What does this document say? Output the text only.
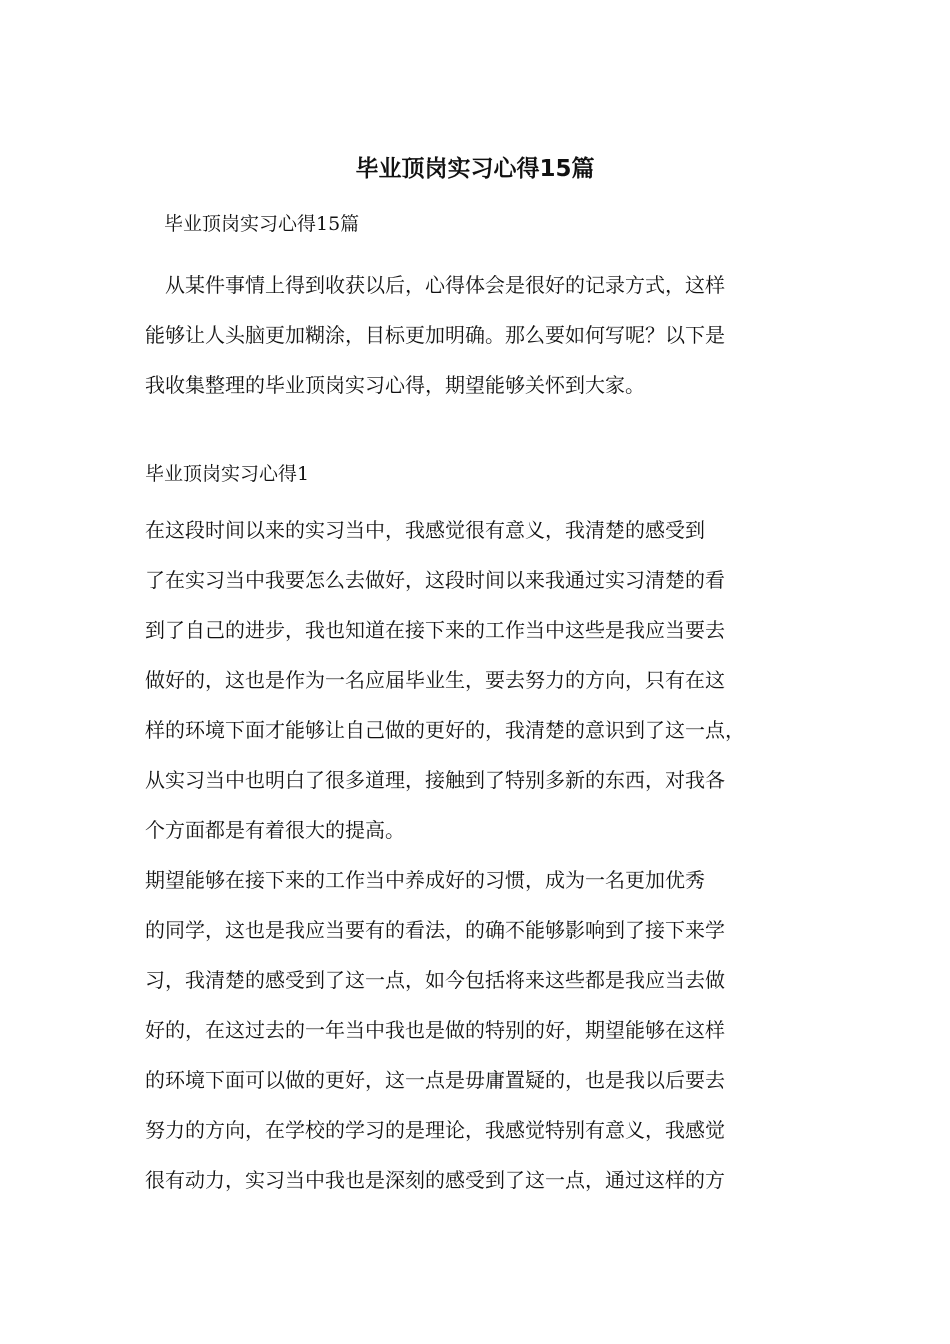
毕业顶岗实习心得15篇

毕业顶岗实习心得15篇

　从某件事情上得到收获以后，心得体会是很好的记录方式，这样
能够让人头脑更加糊涂，目标更加明确。那么要如何写呢？以下是
我收集整理的毕业顶岗实习心得，期望能够关怀到大家。

毕业顶岗实习心得1

在这段时间以来的实习当中，我感觉很有意义，我清楚的感受到
了在实习当中我要怎么去做好，这段时间以来我通过实习清楚的看
到了自己的进步，我也知道在接下来的工作当中这些是我应当要去
做好的，这也是作为一名应届毕业生，要去努力的方向，只有在这
样的环境下面才能够让自己做的更好的，我清楚的意识到了这一点，
从实习当中也明白了很多道理，接触到了特别多新的东西，对我各
个方面都是有着很大的提高。

期望能够在接下来的工作当中养成好的习惯，成为一名更加优秀
的同学，这也是我应当要有的看法，的确不能够影响到了接下来学
习，我清楚的感受到了这一点，如今包括将来这些都是我应当去做
好的，在这过去的一年当中我也是做的特别的好，期望能够在这样
的环境下面可以做的更好，这一点是毋庸置疑的，也是我以后要去
努力的方向，在学校的学习的是理论，我感觉特别有意义，我感觉
很有动力，实习当中我也是深刻的感受到了这一点，通过这样的方
